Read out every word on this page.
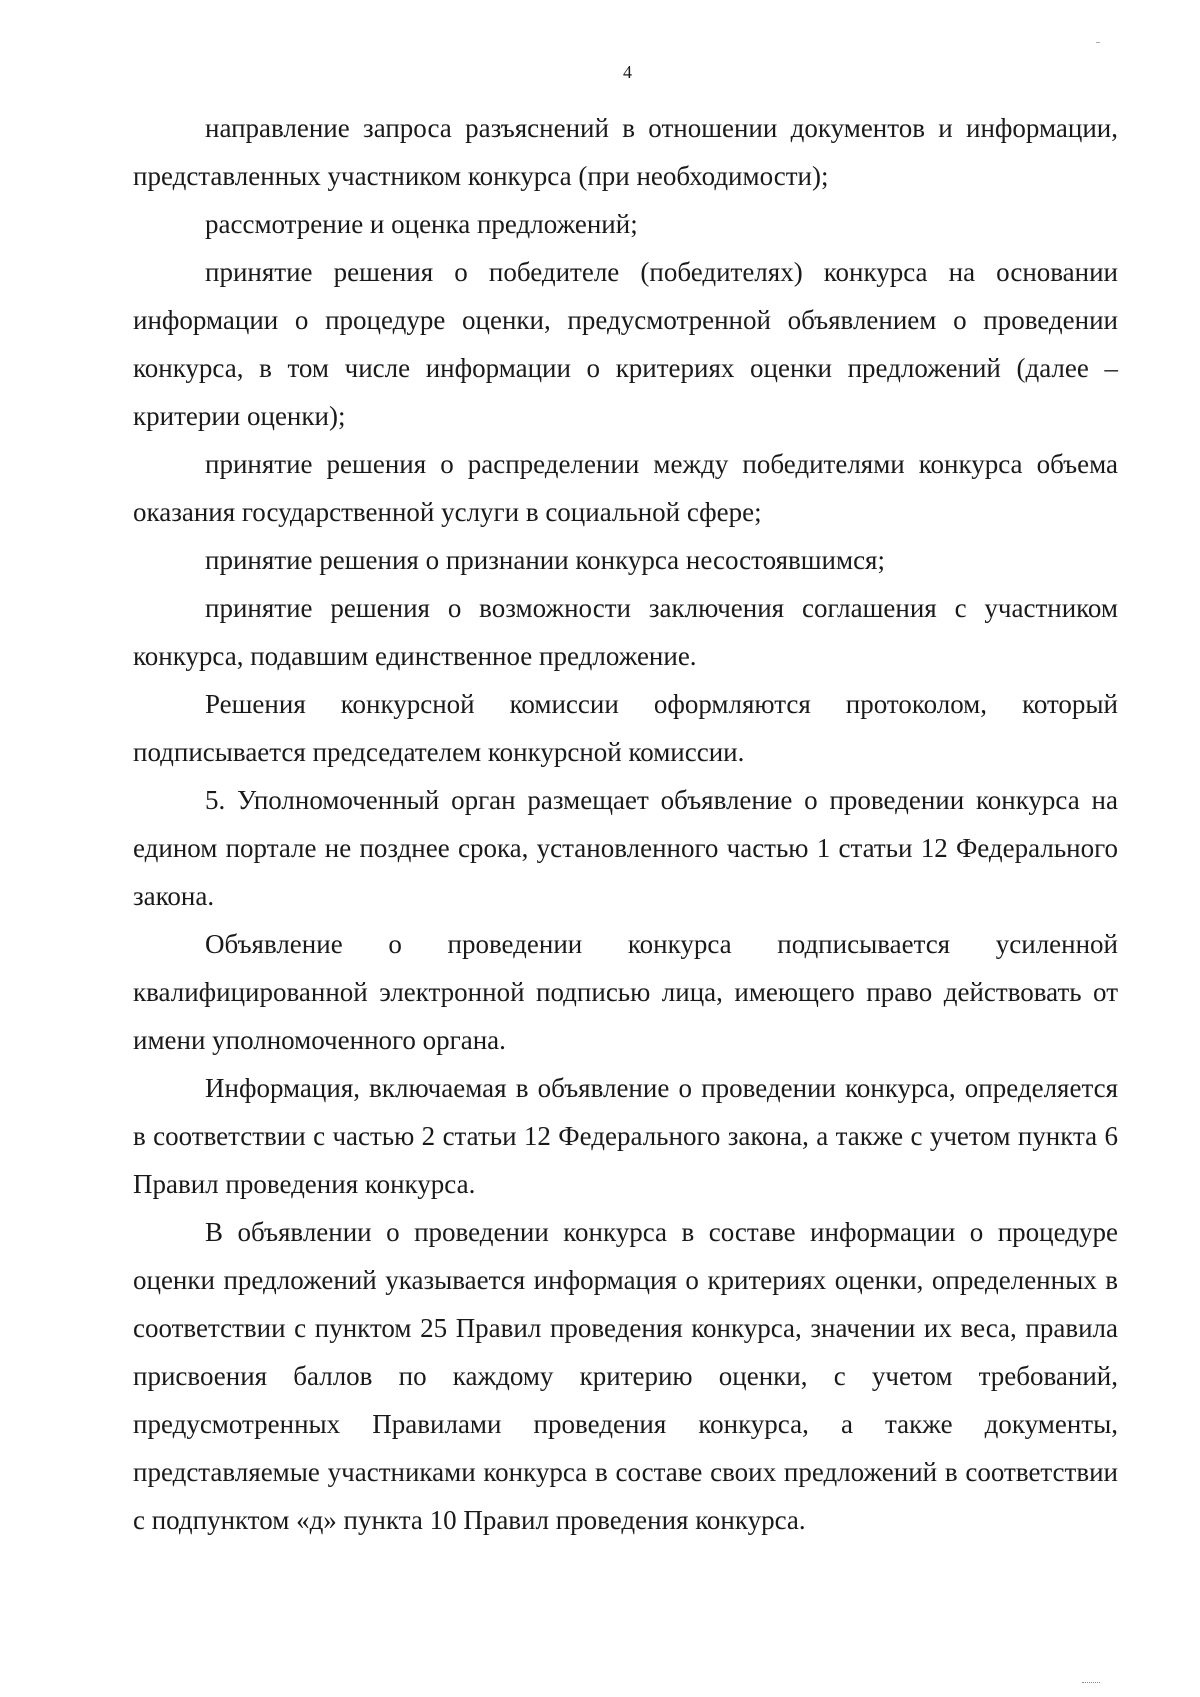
4

направление запроса разъяснений в отношении документов и информации, представленных участником конкурса (при необходимости);

рассмотрение и оценка предложений;

принятие решения о победителе (победителях) конкурса на основании информации о процедуре оценки, предусмотренной объявлением о проведении конкурса, в том числе информации о критериях оценки предложений (далее – критерии оценки);

принятие решения о распределении между победителями конкурса объема оказания государственной услуги в социальной сфере;

принятие решения о признании конкурса несостоявшимся;

принятие решения о возможности заключения соглашения с участником конкурса, подавшим единственное предложение.

Решения конкурсной комиссии оформляются протоколом, который подписывается председателем конкурсной комиссии.

5. Уполномоченный орган размещает объявление о проведении конкурса на едином портале не позднее срока, установленного частью 1 статьи 12 Федерального закона.

Объявление о проведении конкурса подписывается усиленной квалифицированной электронной подписью лица, имеющего право действовать от имени уполномоченного органа.

Информация, включаемая в объявление о проведении конкурса, определяется в соответствии с частью 2 статьи 12 Федерального закона, а также с учетом пункта 6 Правил проведения конкурса.

В объявлении о проведении конкурса в составе информации о процедуре оценки предложений указывается информация о критериях оценки, определенных в соответствии с пунктом 25 Правил проведения конкурса, значении их веса, правила присвоения баллов по каждому критерию оценки, с учетом требований, предусмотренных Правилами проведения конкурса, а также документы, представляемые участниками конкурса в составе своих предложений в соответствии с подпунктом «д» пункта 10 Правил проведения конкурса.
